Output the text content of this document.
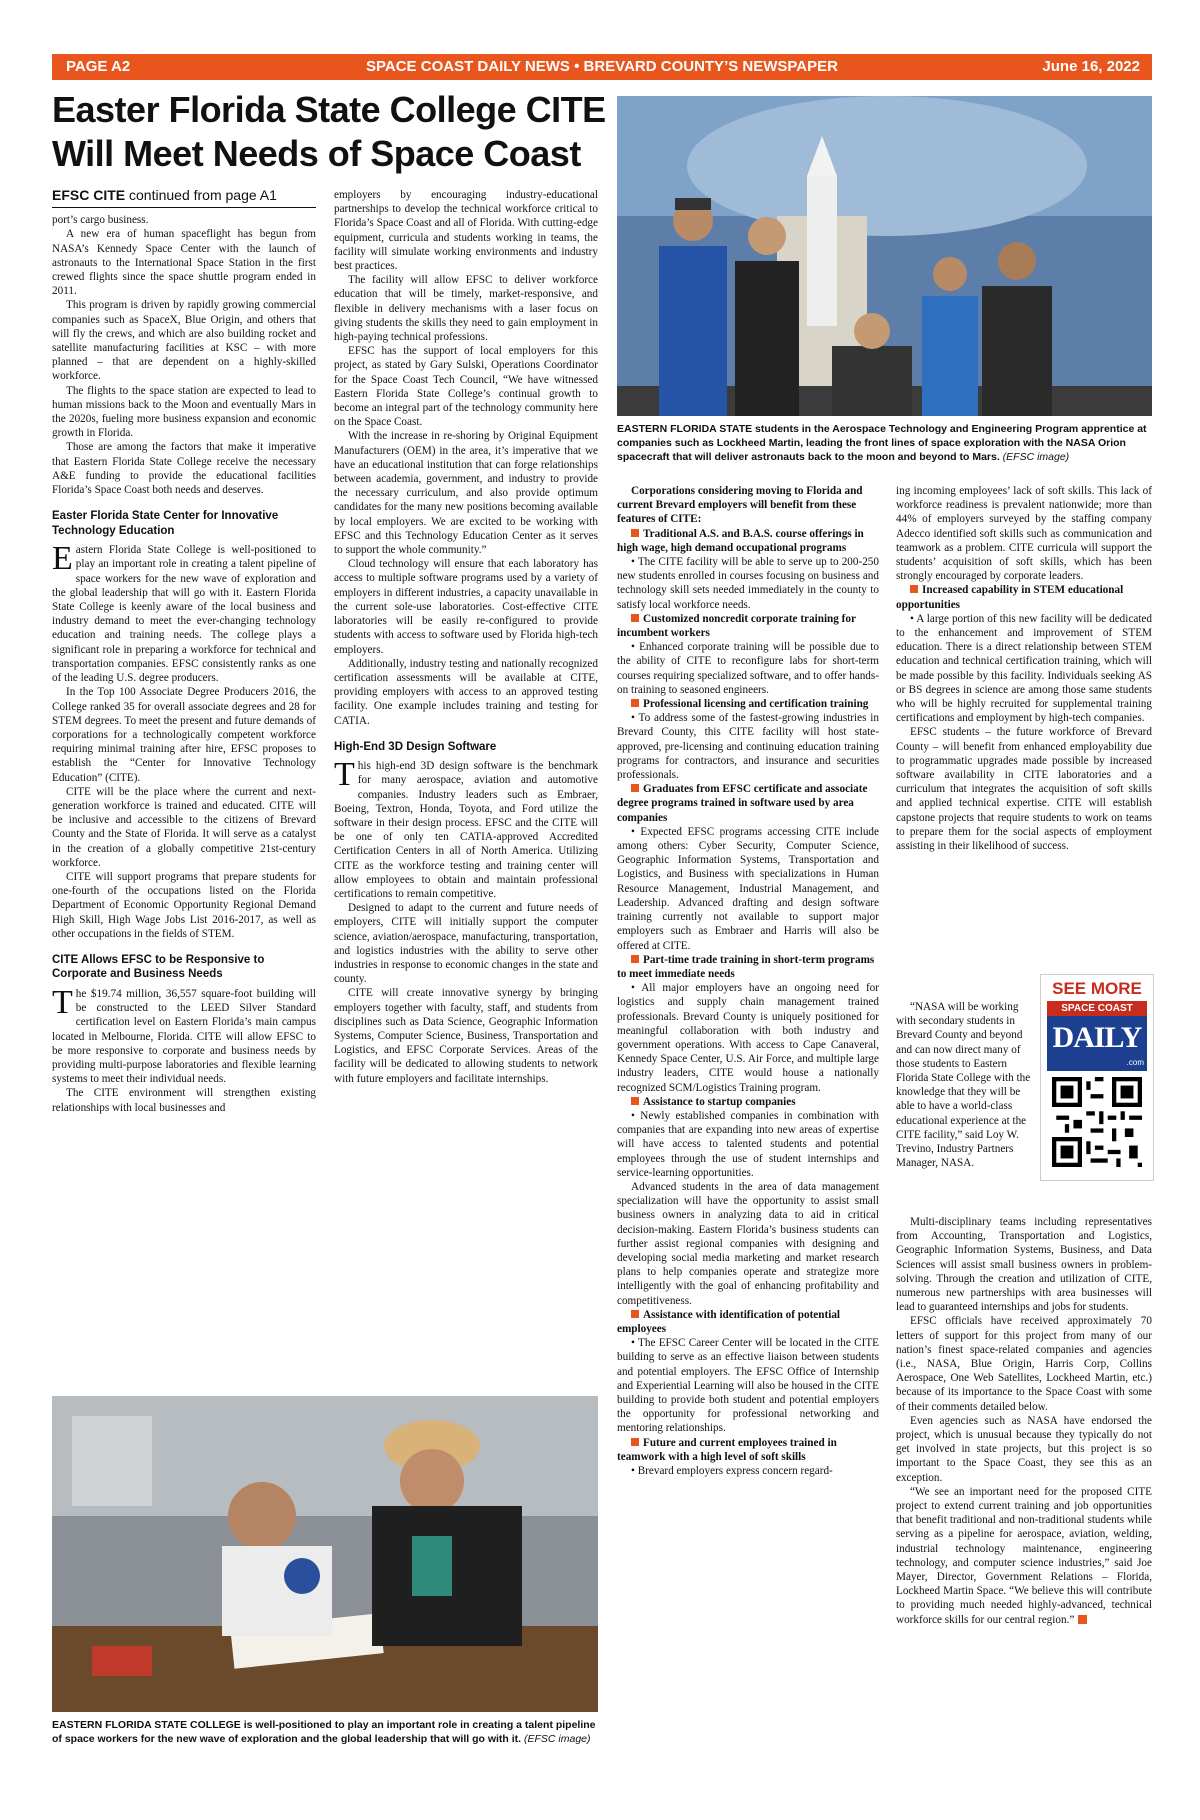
PAGE A2	SPACE COAST DAILY NEWS • BREVARD COUNTY’S NEWSPAPER	June 16, 2022
Easter Florida State College CITE Will Meet Needs of Space Coast
EASTERN FLORIDA STATE students in the Aerospace Technology and Engineering Program apprentice at companies such as Lockheed Martin, leading the front lines of space exploration with the NASA Orion spacecraft that will deliver astronauts back to the moon and beyond to Mars. (EFSC image)
EFSC CITE continued from page A1

port’s cargo business.

A new era of human spaceflight has begun from NASA’s Kennedy Space Center with the launch of astronauts to the International Space Station in the first crewed flights since the space shuttle program ended in 2011.

This program is driven by rapidly growing commercial companies such as SpaceX, Blue Origin, and others that will fly the crews, and which are also building rocket and satellite manufacturing facilities at KSC – with more planned – that are dependent on a highly-skilled workforce.

The flights to the space station are expected to lead to human missions back to the Moon and eventually Mars in the 2020s, fueling more business expansion and economic growth in Florida.

Those are among the factors that make it imperative that Eastern Florida State College receive the necessary A&E funding to provide the educational facilities Florida’s Space Coast both needs and deserves.

Easter Florida State Center for Innovative Technology Education

Eastern Florida State College is well-positioned to play an important role in creating a talent pipeline of space workers for the new wave of exploration and the global leadership that will go with it. Eastern Florida State College is keenly aware of the local business and industry demand to meet the ever-changing technology education and training needs. The college plays a significant role in preparing a workforce for technical and transportation companies. EFSC consistently ranks as one of the leading U.S. degree producers.

In the Top 100 Associate Degree Producers 2016, the College ranked 35 for overall associate degrees and 28 for STEM degrees. To meet the present and future demands of corporations for a technologically competent workforce requiring minimal training after hire, EFSC proposes to establish the “Center for Innovative Technology Education” (CITE).

CITE will be the place where the current and next-generation workforce is trained and educated. CITE will be inclusive and accessible to the citizens of Brevard County and the State of Florida. It will serve as a catalyst in the creation of a globally competitive 21st-century workforce.

CITE will support programs that prepare students for one-fourth of the occupations listed on the Florida Department of Economic Opportunity Regional Demand High Skill, High Wage Jobs List 2016-2017, as well as other occupations in the fields of STEM.

CITE Allows EFSC to be Responsive to Corporate and Business Needs

The $19.74 million, 36,557 square-foot building will be constructed to the LEED Silver Standard certification level on Eastern Florida’s main campus located in Melbourne, Florida. CITE will allow EFSC to be more responsive to corporate and business needs by providing multi-purpose laboratories and flexible learning systems to meet their individual needs.

The CITE environment will strengthen existing relationships with local businesses and

employers by encouraging industry-educational partnerships to develop the technical workforce critical to Florida’s Space Coast and all of Florida. With cutting-edge equipment, curricula and students working in teams, the facility will simulate working environments and industry best practices.

The facility will allow EFSC to deliver workforce education that will be timely, market-responsive, and flexible in delivery mechanisms with a laser focus on giving students the skills they need to gain employment in high-paying technical professions.

EFSC has the support of local employers for this project, as stated by Gary Sulski, Operations Coordinator for the Space Coast Tech Council, “We have witnessed Eastern Florida State College’s continual growth to become an integral part of the technology community here on the Space Coast.

With the increase in re-shoring by Original Equipment Manufacturers (OEM) in the area, it’s imperative that we have an educational institution that can forge relationships between academia, government, and industry to provide the necessary curriculum, and also provide optimum candidates for the many new positions becoming available by local employers. We are excited to be working with EFSC and this Technology Education Center as it serves to support the whole community.”

Cloud technology will ensure that each laboratory has access to multiple software programs used by a variety of employers in different industries, a capacity unavailable in the current sole-use laboratories. Cost-effective CITE laboratories will be easily re-configured to provide students with access to software used by Florida high-tech employers.

Additionally, industry testing and nationally recognized certification assessments will be available at CITE, providing employers with access to an approved testing facility. One example includes training and testing for CATIA.

High-End 3D Design Software

This high-end 3D design software is the benchmark for many aerospace, aviation and automotive companies. Industry leaders such as Embraer, Boeing, Textron, Honda, Toyota, and Ford utilize the software in their design process. EFSC and the CITE will be one of only ten CATIA-approved Accredited Certification Centers in all of North America. Utilizing CITE as the workforce testing and training center will allow employees to obtain and maintain professional certifications to remain competitive.

Designed to adapt to the current and future needs of employers, CITE will initially support the computer science, aviation/aerospace, manufacturing, transportation, and logistics industries with the ability to serve other industries in response to economic changes in the state and county.

CITE will create innovative synergy by bringing employers together with faculty, staff, and students from disciplines such as Data Science, Geographic Information Systems, Computer Science, Business, Transportation and Logistics, and EFSC Corporate Services. Areas of the facility will be dedicated to allowing students to network with future employers and facilitate internships.

EASTERN FLORIDA STATE COLLEGE is well-positioned to play an important role in creating a talent pipeline of space workers for the new wave of exploration and the global leadership that will go with it. (EFSC image)

Corporations considering moving to Florida and current Brevard employers will benefit from these features of CITE:

Traditional A.S. and B.A.S. course offerings in high wage, high demand occupational programs

• The CITE facility will be able to serve up to 200-250 new students enrolled in courses focusing on business and technology skill sets needed immediately in the county to satisfy local workforce needs.

Customized noncredit corporate training for incumbent workers

• Enhanced corporate training will be possible due to the ability of CITE to reconfigure labs for short-term courses requiring specialized software, and to offer hands-on training to seasoned engineers.

Professional licensing and certification training

• To address some of the fastest-growing industries in Brevard County, this CITE facility will host state-approved, pre-licensing and continuing education training programs for contractors, and insurance and securities professionals.

Graduates from EFSC certificate and associate degree programs trained in software used by area companies

• Expected EFSC programs accessing CITE include among others: Cyber Security, Computer Science, Geographic Information Systems, Transportation and Logistics, and Business with specializations in Human Resource Management, Industrial Management, and Leadership. Advanced drafting and design software training currently not available to support major employers such as Embraer and Harris will also be offered at CITE.

Part-time trade training in short-term programs to meet immediate needs

• All major employers have an ongoing need for logistics and supply chain management trained professionals. Brevard County is uniquely positioned for meaningful collaboration with both industry and government operations. With access to Cape Canaveral, Kennedy Space Center, U.S. Air Force, and multiple large industry leaders, CITE would house a nationally recognized SCM/Logistics Training program.

Assistance to startup companies

• Newly established companies in combination with companies that are expanding into new areas of expertise will have access to talented students and potential employees through the use of student internships and service-learning opportunities.

Advanced students in the area of data management specialization will have the opportunity to assist small business owners in analyzing data to aid in critical decision-making. Eastern Florida’s business students can further assist regional companies with designing and developing social media marketing and market research plans to help companies operate and strategize more intelligently with the goal of enhancing profitability and competitiveness.

Assistance with identification of potential employees

• The EFSC Career Center will be located in the CITE building to serve as an effective liaison between students and potential employers. The EFSC Office of Internship and Experiential Learning will also be housed in the CITE building to provide both student and potential employers the opportunity for professional networking and mentoring relationships.

Future and current employees trained in teamwork with a high level of soft skills

• Brevard employers express concern regard-

ing incoming employees’ lack of soft skills. This lack of workforce readiness is prevalent nationwide; more than 44% of employers surveyed by the staffing company Adecco identified soft skills such as communication and teamwork as a problem. CITE curricula will support the students’ acquisition of soft skills, which has been strongly encouraged by corporate leaders.

Increased capability in STEM educational opportunities

• A large portion of this new facility will be dedicated to the enhancement and improvement of STEM education. There is a direct relationship between STEM education and technical certification training, which will be made possible by this facility. Individuals seeking AS or BS degrees in science are among those same students who will be highly recruited for supplemental training certifications and employment by high-tech companies.

EFSC students – the future workforce of Brevard County – will benefit from enhanced employability due to programmatic upgrades made possible by increased software availability in CITE laboratories and a curriculum that integrates the acquisition of soft skills and applied technical expertise. CITE will establish capstone projects that require students to work on teams to prepare them for the social aspects of employment assisting in their likelihood of success.

“NASA will be working with secondary students in Brevard County and beyond and can now direct many of those students to Eastern Florida State College with the knowledge that they will be able to have a world-class educational experience at the CITE facility,” said Loy W. Trevino, Industry Partners Manager, NASA.

Multi-disciplinary teams including representatives from Accounting, Transportation and Logistics, Geographic Information Systems, Business, and Data Sciences will assist small business owners in problem-solving. Through the creation and utilization of CITE, numerous new partnerships with area businesses will lead to guaranteed internships and jobs for students.

EFSC officials have received approximately 70 letters of support for this project from many of our nation’s finest space-related companies and agencies (i.e., NASA, Blue Origin, Harris Corp, Collins Aerospace, One Web Satellites, Lockheed Martin, etc.) because of its importance to the Space Coast with some of their comments detailed below.

Even agencies such as NASA have endorsed the project, which is unusual because they typically do not get involved in state projects, but this project is so important to the Space Coast, they see this as an exception.

“We see an important need for the proposed CITE project to extend current training and job opportunities that benefit traditional and non-traditional students while serving as a pipeline for aerospace, aviation, welding, industrial technology maintenance, engineering technology, and computer science industries,” said Joe Mayer, Director, Government Relations – Florida, Lockheed Martin Space. “We believe this will contribute to providing much needed highly-advanced, technical workforce skills for our central region.”

SEE MORE
SPACE COAST
DAILY
.com
